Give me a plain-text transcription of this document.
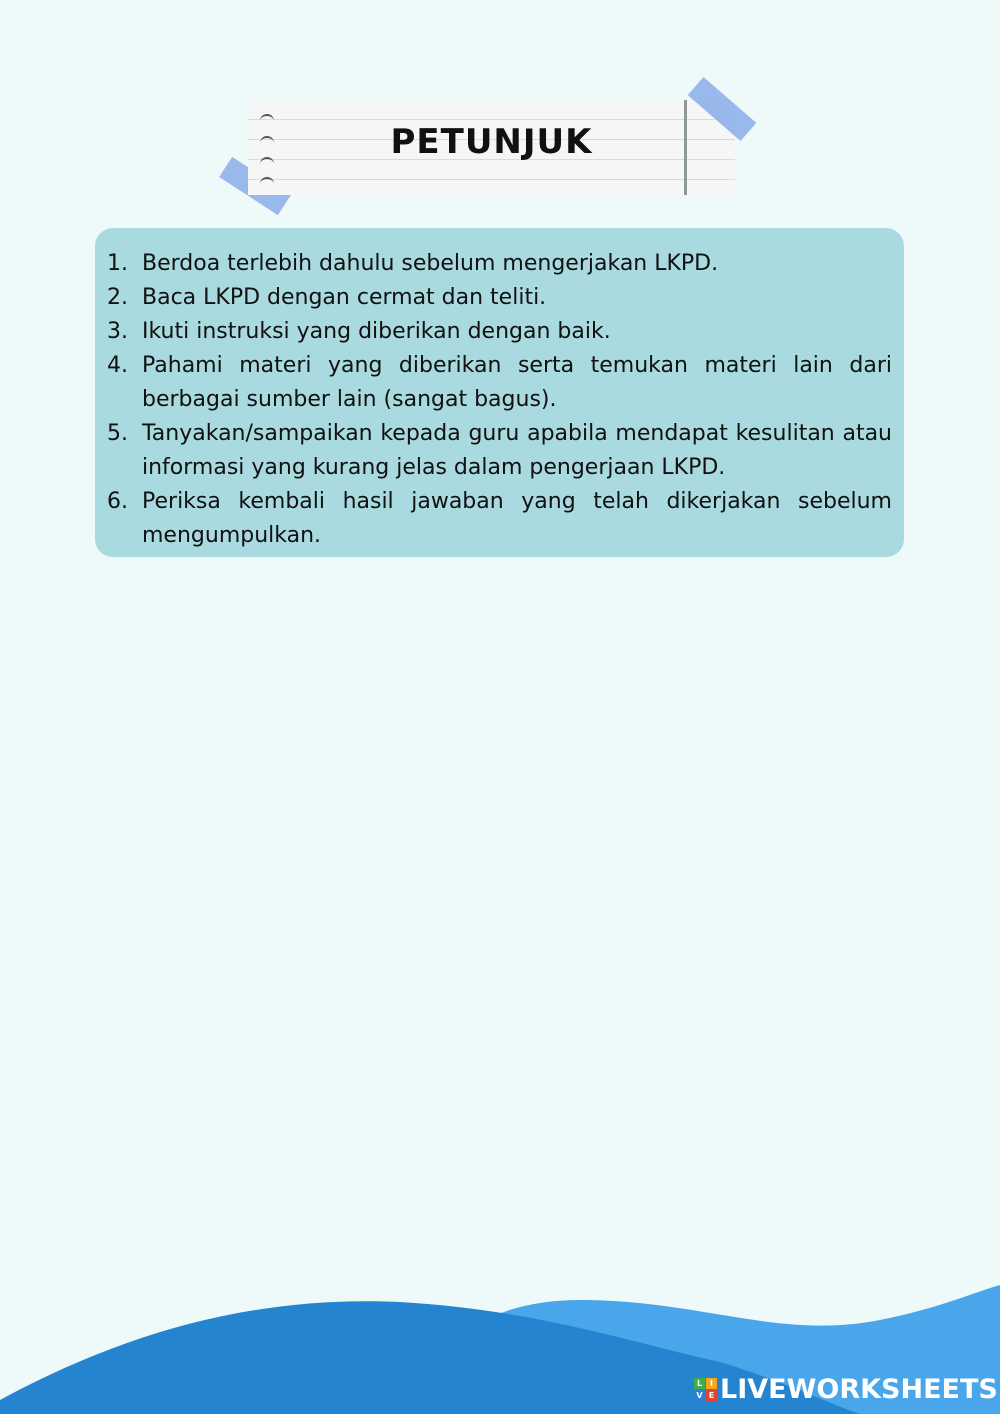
PETUNJUK
1. Berdoa terlebih dahulu sebelum mengerjakan LKPD.
2. Baca LKPD dengan cermat dan teliti.
3. Ikuti instruksi yang diberikan dengan baik.
4. Pahami materi yang diberikan serta temukan materi lain dari berbagai sumber lain (sangat bagus).
5. Tanyakan/sampaikan kepada guru apabila mendapat kesulitan atau informasi yang kurang jelas dalam pengerjaan LKPD.
6. Periksa kembali hasil jawaban yang telah dikerjakan sebelum mengumpulkan.
L I
V E LIVEWORKSHEETS
